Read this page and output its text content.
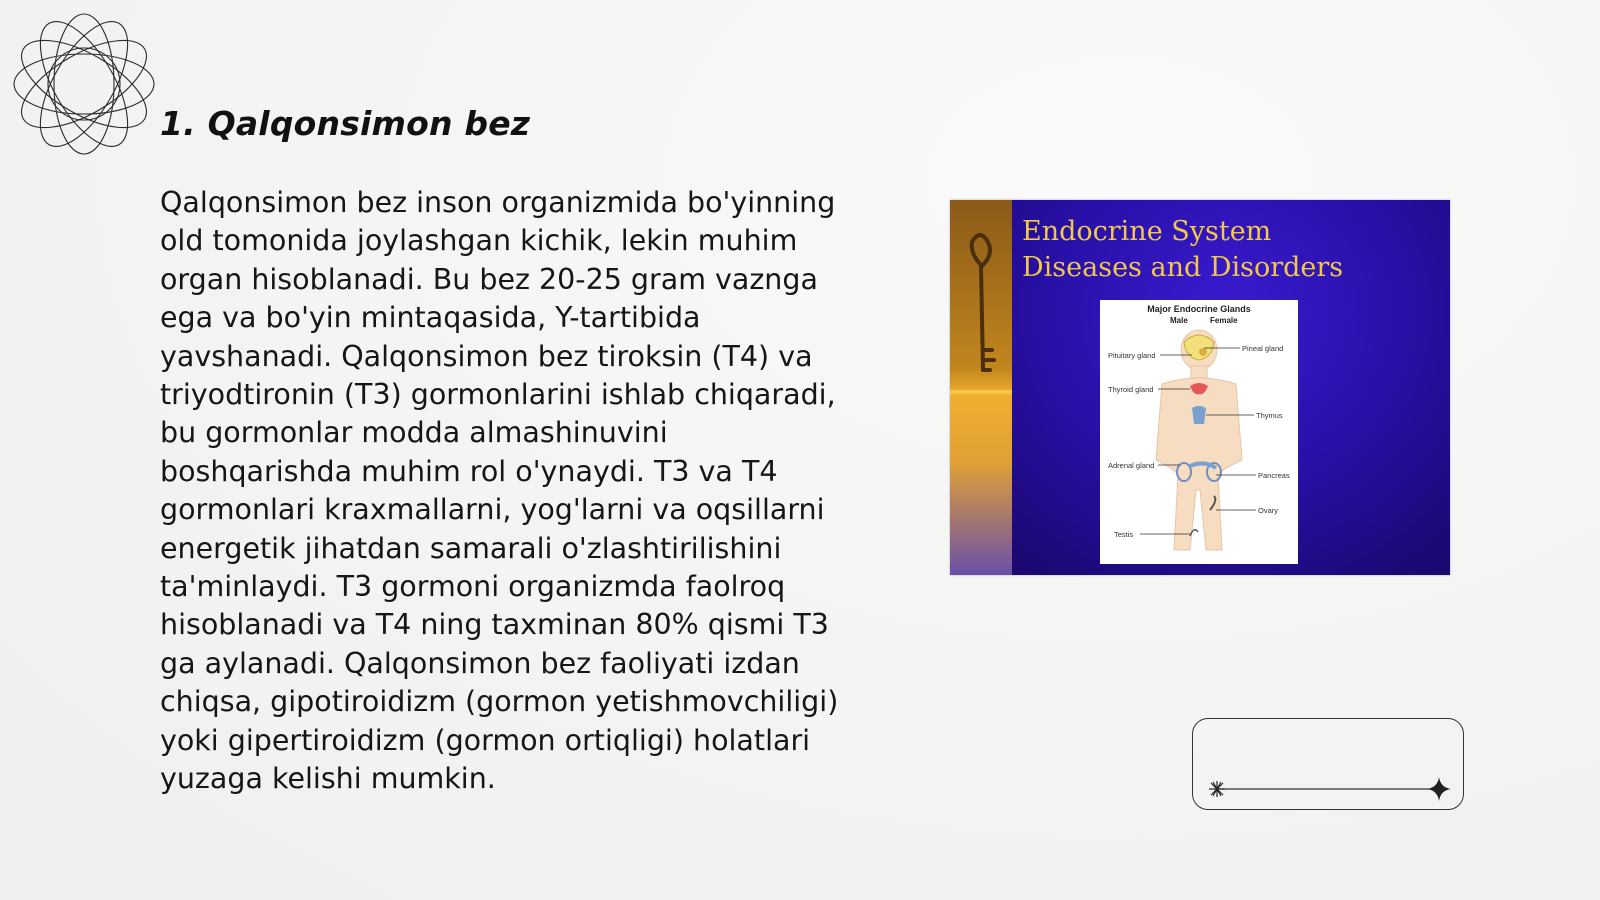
1. Qalqonsimon bez

Qalqonsimon bez inson organizmida bo'yinning old tomonida joylashgan kichik, lekin muhim organ hisoblanadi. Bu bez 20-25 gram vaznga ega va bo'yin mintaqasida, Y-tartibida yavshanadi. Qalqonsimon bez tiroksin (T4) va triyodtironin (T3) gormonlarini ishlab chiqaradi, bu gormonlar modda almashinuvini boshqarishda muhim rol o'ynaydi. T3 va T4 gormonlari kraxmallarni, yog'larni va oqsillarni energetik jihatdan samarali o'zlashtirilishini ta'minlaydi. T3 gormoni organizmda faolroq hisoblanadi va T4 ning taxminan 80% qismi T3 ga aylanadi. Qalqonsimon bez faoliyati izdan chiqsa, gipotiroidizm (gormon yetishmovchiligi) yoki gipertiroidizm (gormon ortiqligi) holatlari yuzaga kelishi mumkin.

Endocrine System
Diseases and Disorders
Major Endocrine Glands
Male	Female
Pituitary gland
Pineal gland
Thyroid gland
Thymus
Adrenal gland
Pancreas
Ovary
Testis
